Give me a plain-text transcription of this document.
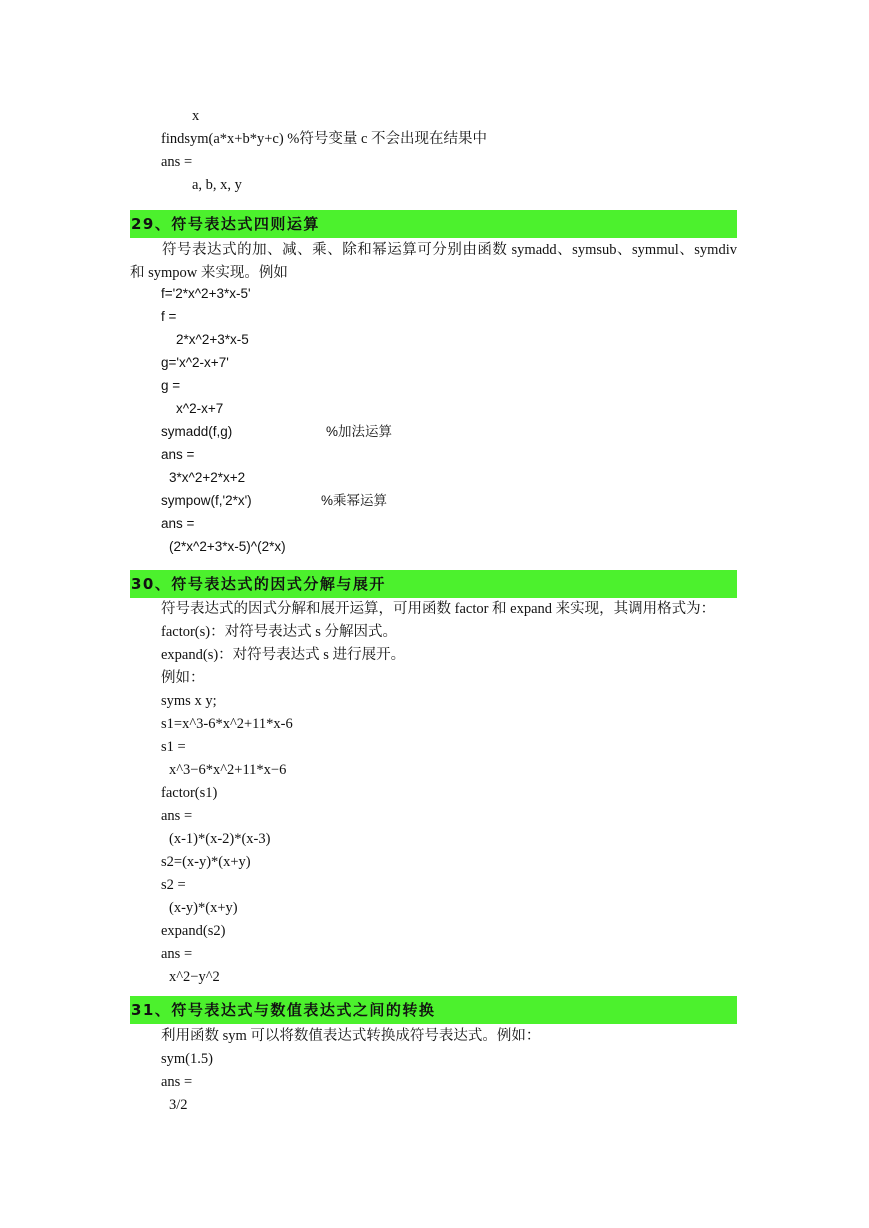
x
findsym(a*x+b*y+c) %符号变量 c 不会出现在结果中
ans =
a, b, x, y
29、符号表达式四则运算
符号表达式的加、减、乘、除和幂运算可分别由函数 symadd、symsub、symmul、symdiv 和 sympow 来实现。例如
f='2*x^2+3*x-5'
f =
2*x^2+3*x-5
g='x^2-x+7'
g =
x^2-x+7
symadd(f,g)	%加法运算
ans =
3*x^2+2*x+2
sympow(f,'2*x')	%乘幂运算
ans =
(2*x^2+3*x-5)^(2*x)
30、符号表达式的因式分解与展开
符号表达式的因式分解和展开运算，可用函数 factor 和 expand 来实现，其调用格式为：
factor(s)：对符号表达式 s 分解因式。
expand(s)：对符号表达式 s 进行展开。
例如：
syms x y;
s1=x^3-6*x^2+11*x-6
s1 =
x^3−6*x^2+11*x−6
factor(s1)
ans =
(x-1)*(x-2)*(x-3)
s2=(x-y)*(x+y)
s2 =
(x-y)*(x+y)
expand(s2)
ans =
x^2−y^2
31、符号表达式与数值表达式之间的转换
利用函数 sym 可以将数值表达式转换成符号表达式。例如：
sym(1.5)
ans =
3/2
